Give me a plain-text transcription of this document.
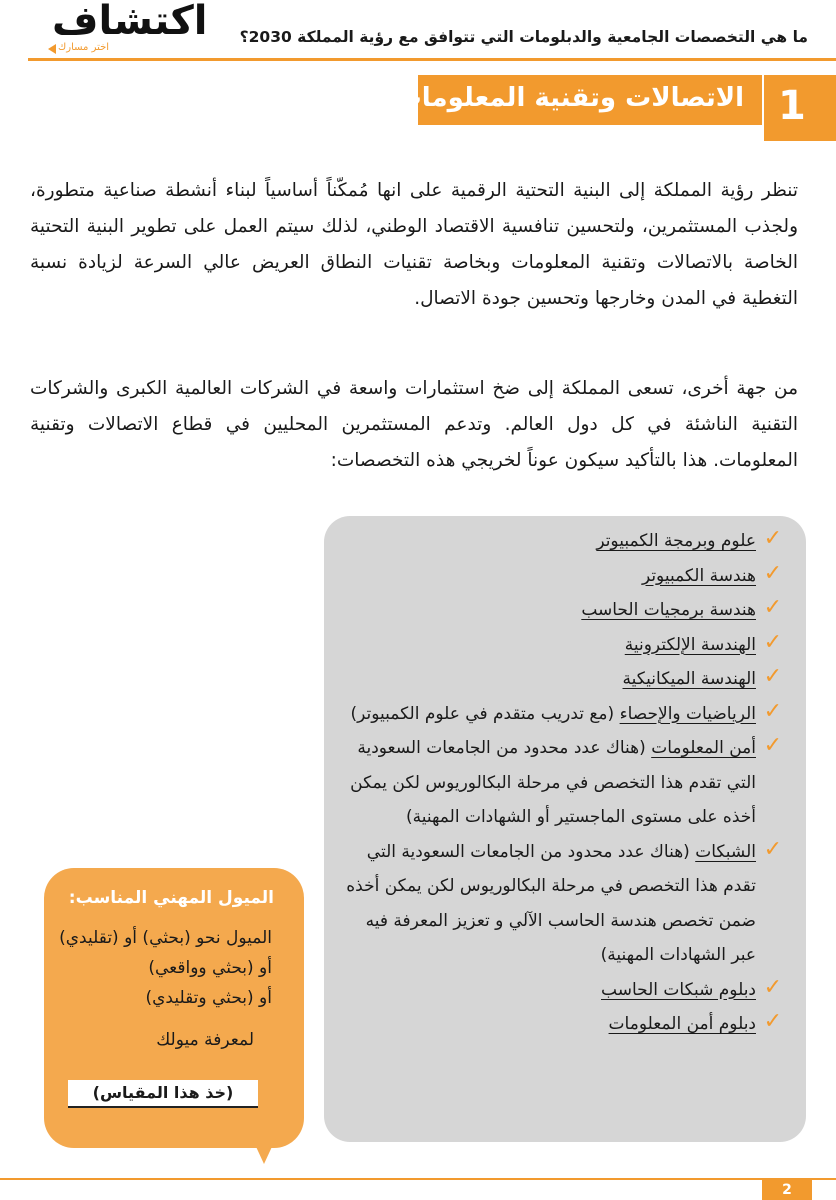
ما هي التخصصات الجامعية والدبلومات التي تتوافق مع رؤية المملكة 2030؟
اكتشاف
اختر مسارك
الاتصالات وتقنية المعلومات 1

تنظر رؤية المملكة إلى البنية التحتية الرقمية على انها مُمكّناً أساسياً لبناء أنشطة صناعية متطورة، ولجذب المستثمرين، ولتحسين تنافسية الاقتصاد الوطني، لذلك سيتم العمل على تطوير البنية التحتية الخاصة بالاتصالات وتقنية المعلومات وبخاصة تقنيات النطاق العريض عالي السرعة لزيادة نسبة التغطية في المدن وخارجها وتحسين جودة الاتصال.

من جهة أخرى، تسعى المملكة إلى ضخ استثمارات واسعة في الشركات العالمية الكبرى والشركات التقنية الناشئة في كل دول العالم. وتدعم المستثمرين المحليين في قطاع الاتصالات وتقنية المعلومات. هذا بالتأكيد سيكون عوناً لخريجي هذه التخصصات:

✓
علوم وبرمجة الكمبيوتر
✓
هندسة الكمبيوتر
✓
هندسة برمجيات الحاسب
✓
الهندسة الإلكترونية
✓
الهندسة الميكانيكية
✓
الرياضيات والإحصاء (مع تدريب متقدم في علوم الكمبيوتر)
✓
أمن المعلومات (هناك عدد محدود من الجامعات السعودية التي تقدم هذا التخصص في مرحلة البكالوريوس لكن يمكن أخذه على مستوى الماجستير أو الشهادات المهنية)
✓
الشبكات (هناك عدد محدود من الجامعات السعودية التي تقدم هذا التخصص في مرحلة البكالوريوس لكن يمكن أخذه ضمن تخصص هندسة الحاسب الآلي و تعزيز المعرفة فيه عبر الشهادات المهنية)
✓
دبلوم شبكات الحاسب
✓
دبلوم أمن المعلومات
الميول المهني المناسب:
الميول نحو (بحثي) أو (تقليدي)
أو (بحثي وواقعي)
أو (بحثي وتقليدي)
لمعرفة ميولك
(خذ هذا المقياس)
2
